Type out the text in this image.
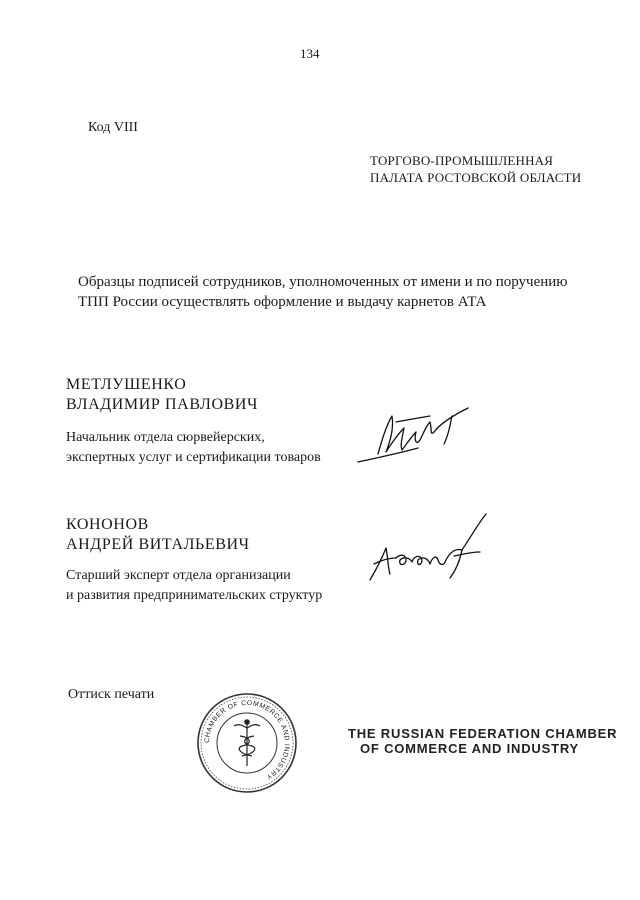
134
Код VIII
ТОРГОВО-ПРОМЫШЛЕННАЯ
ПАЛАТА РОСТОВСКОЙ ОБЛАСТИ

Образцы подписей сотрудников, уполномоченных от имени и по поручению

ТПП России осуществлять оформление и выдачу карнетов АТА

МЕТЛУШЕНКО
ВЛАДИМИР ПАВЛОВИЧ
Начальник отдела сюрвейерских,
экспертных услуг и сертификации товаров
КОНОНОВ
АНДРЕЙ ВИТАЛЬЕВИЧ
Старший эксперт отдела организации
и развития предпринимательских структур
Оттиск печати
CHAMBER OF COMMERCE AND INDUSTRY
THE RUSSIAN FEDERATION CHAMBER
OF COMMERCE AND INDUSTRY
